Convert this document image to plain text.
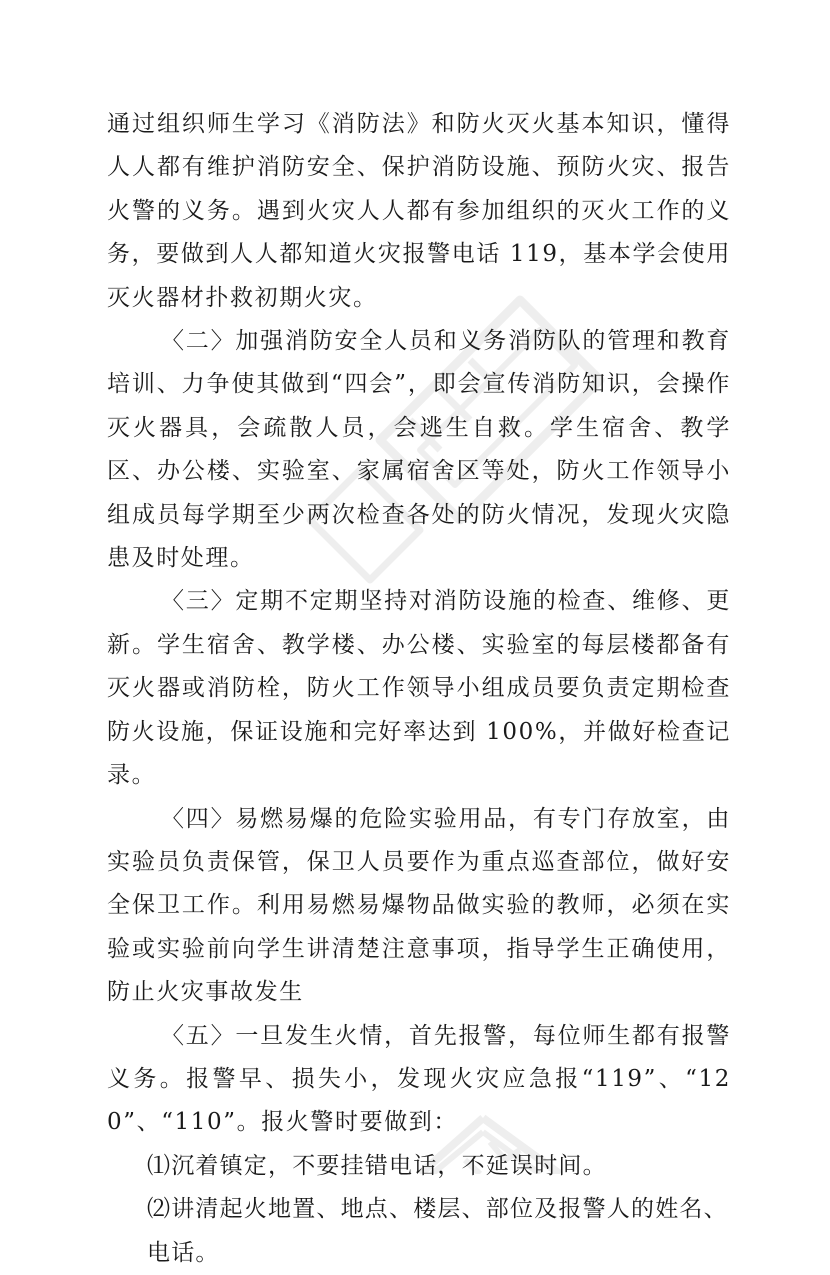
通过组织师生学习《消防法》和防火灭火基本知识，懂得人人都有维护消防安全、保护消防设施、预防火灾、报告火警的义务。遇到火灾人人都有参加组织的灭火工作的义务，要做到人人都知道火灾报警电话 119，基本学会使用灭火器材扑救初期火灾。

〈二〉加强消防安全人员和义务消防队的管理和教育培训、力争使其做到“四会”，即会宣传消防知识，会操作灭火器具，会疏散人员，会逃生自救。学生宿舍、教学区、办公楼、实验室、家属宿舍区等处，防火工作领导小组成员每学期至少两次检查各处的防火情况，发现火灾隐患及时处理。

〈三〉定期不定期坚持对消防设施的检查、维修、更新。学生宿舍、教学楼、办公楼、实验室的每层楼都备有灭火器或消防栓，防火工作领导小组成员要负责定期检查防火设施，保证设施和完好率达到 100%，并做好检查记录。

〈四〉易燃易爆的危险实验用品，有专门存放室，由实验员负责保管，保卫人员要作为重点巡查部位，做好安全保卫工作。利用易燃易爆物品做实验的教师，必须在实验或实验前向学生讲清楚注意事项，指导学生正确使用，防止火灾事故发生

〈五〉一旦发生火情，首先报警，每位师生都有报警义务。报警早、损失小，发现火灾应急报“119”、“120”、“110”。报火警时要做到：

⑴沉着镇定，不要挂错电话，不延误时间。

⑵讲清起火地置、地点、楼层、部位及报警人的姓名、电话。
